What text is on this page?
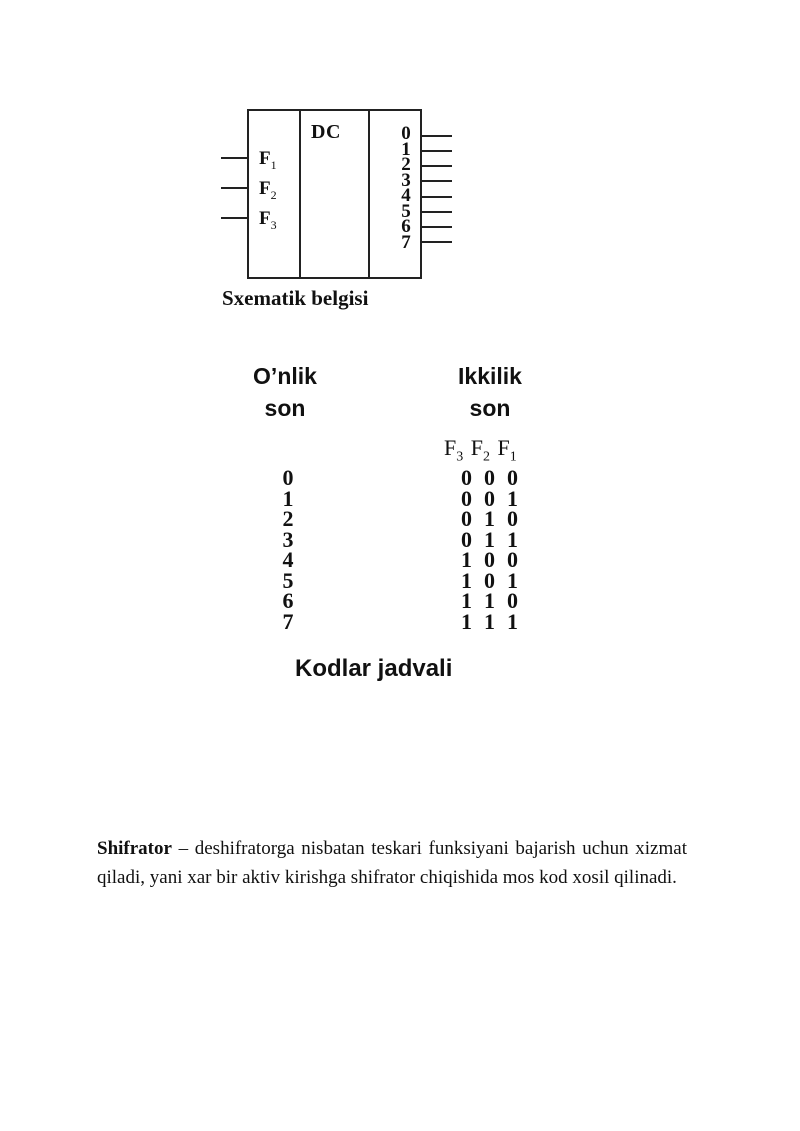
DC
$F_1$
$F_2$
$F_3$
0
1
2
3
4
5
6
7
Sxematik belgisi
O’nlik
son
Ikkilik
son
$F_3$ $F_2$ $F_1$
0
1
2
3
4
5
6
7
0 0 0
0 0 1
0 1 0
0 1 1
1 0 0
1 0 1
1 1 0
1 1 1
Kodlar jadvali
Shifrator – deshifratorga nisbatan teskari funksiyani bajarish uchun xizmat qiladi, yani xar bir aktiv kirishga shifrator chiqishida mos kod xosil qilinadi.
